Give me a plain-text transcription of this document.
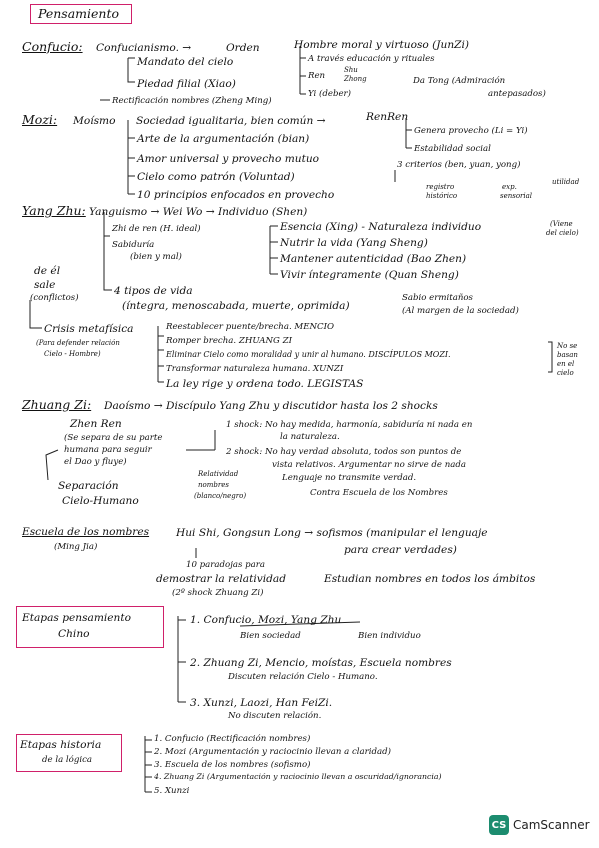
Pensamiento
Confucio: Confucianismo. →	Orden	Hombre moral y virtuoso (JunZi)
A través educación y rituales
Mandato del cielo
Ren
Shu
Zhong	Da Tong (Admiración
antepasados)
Piedad filial (Xiao)
Yi (deber)
Rectificación nombres (Zheng Ming)
Mozi: Moísmo Sociedad igualitaria, bien común →	RenRen
Arte de la argumentación (bian)
Genera provecho (Li = Yi)
Estabilidad social
Amor universal y provecho mutuo	3 criterios (ben, yuan, yong)
Cielo como patrón (Voluntad)
registro
histórico
exp.
sensorial
utilidad
10 principios enfocados en provecho
Yang Zhu: Yanguismo → Wei Wo → Individuo (Shen)
Zhi de ren (H. ideal)	Esencia (Xing) - Naturaleza individuo	(Viene
del cielo)
Sabiduría
(bien y mal)
Nutrir la vida (Yang Sheng)
Mantener autenticidad (Bao Zhen)
Vivir íntegramente (Quan Sheng)
de él
sale
(conflictos)
4 tipos de vida
(íntegra, menoscabada, muerte, oprimida)
Sabio ermitaños
(Al margen de la sociedad)
Crisis metafísica
(Para defender relación
Cielo - Hombre)
Reestablecer puente/brecha. MENCIO
Romper brecha. ZHUANG ZI
Eliminar Cielo como moralidad y unir al humano. DISCÍPULOS MOZI.
Transformar naturaleza humana. XUNZI
La ley rige y ordena todo. LEGISTAS
No se
basan
en el
cielo
Zhuang Zi: Daoísmo → Discípulo Yang Zhu y discutidor hasta los 2 shocks
Zhen Ren
(Se separa de su parte
humana para seguir
el Dao y fluye)
1 shock: No hay medida, harmonía, sabiduría ni nada en
la naturaleza.
2 shock: No hay verdad absoluta, todos son puntos de
vista relativos. Argumentar no sirve de nada
Lenguaje no transmite verdad.
Contra Escuela de los Nombres
Relatividad
nombres
(blanco/negro)
Separación
Cielo-Humano
Escuela de los nombres
(Ming Jia)
Hui Shi, Gongsun Long → sofismos (manipular el lenguaje
para crear verdades)
10 paradojas para
demostrar la relatividad
(2º shock Zhuang Zi)
Estudian nombres en todos los ámbitos
Etapas pensamiento
Chino
1. Confucio, Mozi, Yang Zhu
Bien sociedad	Bien individuo
2. Zhuang Zi, Mencio, moístas, Escuela nombres
Discuten relación Cielo - Humano.
3. Xunzi, Laozi, Han FeiZi.
No discuten relación.
Etapas historia
de la lógica
1. Confucio (Rectificación nombres)
2. Mozi (Argumentación y raciocinio llevan a claridad)
3. Escuela de los nombres (sofismo)
4. Zhuang Zi (Argumentación y raciocinio llevan a oscuridad/ignorancia)
5. Xunzi
CS CamScanner
